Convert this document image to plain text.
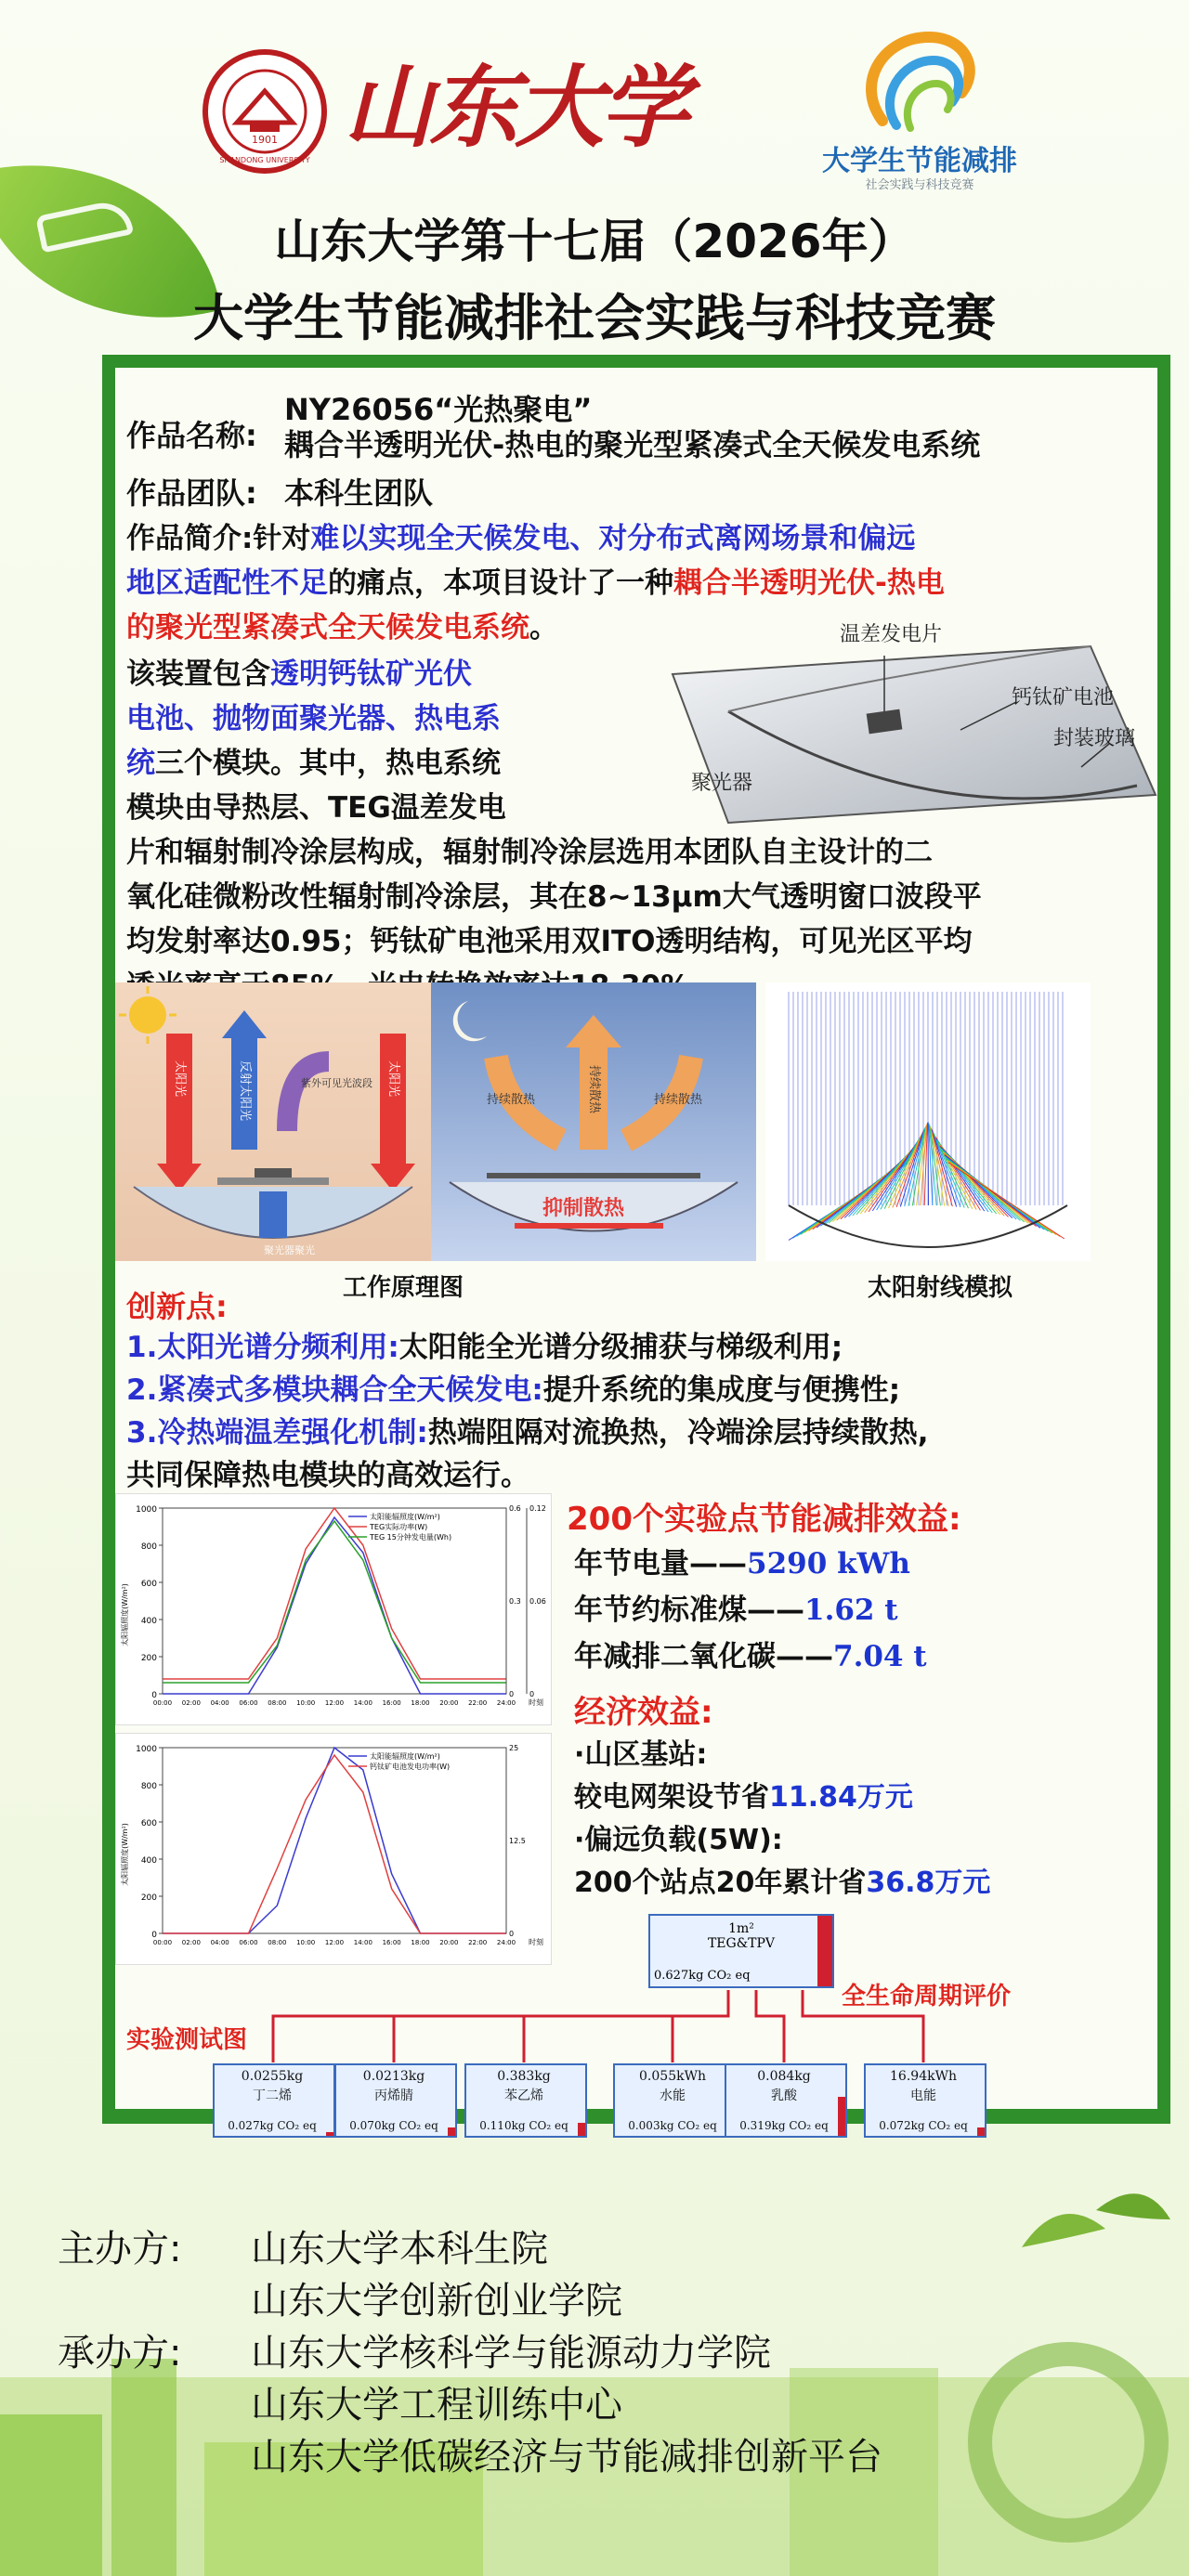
1901
SHANDONG UNIVERSITY
山东大学
大学生节能减排
社会实践与科技竞赛
山东大学第十七届（2026年）
大学生节能减排社会实践与科技竞赛
作品名称:
NY26056“光热聚电”
耦合半透明光伏-热电的聚光型紧凑式全天候发电系统
作品团队: 本科生团队
作品简介:针对难以实现全天候发电、对分布式离网场景和偏远
地区适配性不足的痛点，本项目设计了一种耦合半透明光伏-热电
的聚光型紧凑式全天候发电系统。
该装置包含透明钙钛矿光伏
电池、抛物面聚光器、热电系
统三个模块。其中，热电系统
模块由导热层、TEG温差发电
片和辐射制冷涂层构成，辐射制冷涂层选用本团队自主设计的二
氧化硅微粉改性辐射制冷涂层，其在8~13μm大气透明窗口波段平
均发射率达0.95；钙钛矿电池采用双ITO透明结构，可见光区平均
温差发电片
钙钛矿电池
封装玻璃
聚光器
太阳光	反射太阳光	太阳光
紫外可见光波段
聚光器聚光
抑制散热
持续散热
持续散热	持续散热
工作原理图	太阳射线模拟
创新点:
1.太阳光谱分频利用:太阳能全光谱分级捕获与梯级利用;
2.紧凑式多模块耦合全天候发电:提升系统的集成度与便携性;
3.冷热端温差强化机制:热端阻隔对流换热，冷端涂层持续散热,
共同保障热电模块的高效运行。
0
200
400
600
800
1000
00:00 02:00 04:00 06:00 08:00 10:00 12:00 14:00 16:00 18:00 20:00 22:00 24:00 时刻
太阳辐照度(W/m²)
太阳能辐照度(W/m²)
TEG实际功率(W)
TEG 15分钟发电量(Wh)
0
0.3
0.6
0
0.06
0.12
0
200
400
600
800
1000
00:00 02:00 04:00 06:00 08:00 10:00 12:00 14:00 16:00 18:00 20:00 22:00 24:00 时刻
太阳辐照度(W/m²)
太阳能辐照度(W/m²)
钙钛矿电池发电功率(W)
0
12.5
25
200个实验点节能减排效益:
年节电量——5290 kWh
年节约标准煤——1.62 t
年减排二氧化碳——7.04 t
经济效益:
·山区基站:
较电网架设节省11.84万元
·偏远负载(5W):
200个站点20年累计省36.8万元
实验测试图
全生命周期评价
1m²
TEG&TPV
0.627kg CO₂ eq
0.0255kg
丁二烯
0.027kg CO₂ eq
0.0213kg
丙烯腈
0.070kg CO₂ eq
0.383kg
苯乙烯
0.110kg CO₂ eq
0.055kWh
水能
0.003kg CO₂ eq
0.084kg
乳酸
0.319kg CO₂ eq
16.94kWh
电能
0.072kg CO₂ eq
主办方: 山东大学本科生院
山东大学创新创业学院
承办方: 山东大学核科学与能源动力学院
山东大学工程训练中心
山东大学低碳经济与节能减排创新平台
